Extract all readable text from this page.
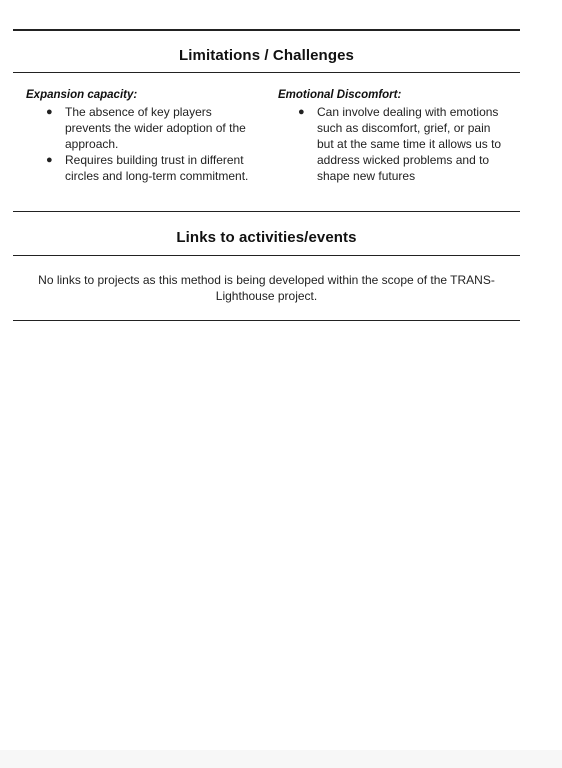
Limitations / Challenges
Expansion capacity:
● The absence of key players prevents the wider adoption of the approach.
● Requires building trust in different circles and long-term commitment.
Emotional Discomfort:
● Can involve dealing with emotions such as discomfort, grief, or pain but at the same time it allows us to address wicked problems and to shape new futures
Links to activities/events
No links to projects as this method is being developed within the scope of the TRANS-Lighthouse project.
